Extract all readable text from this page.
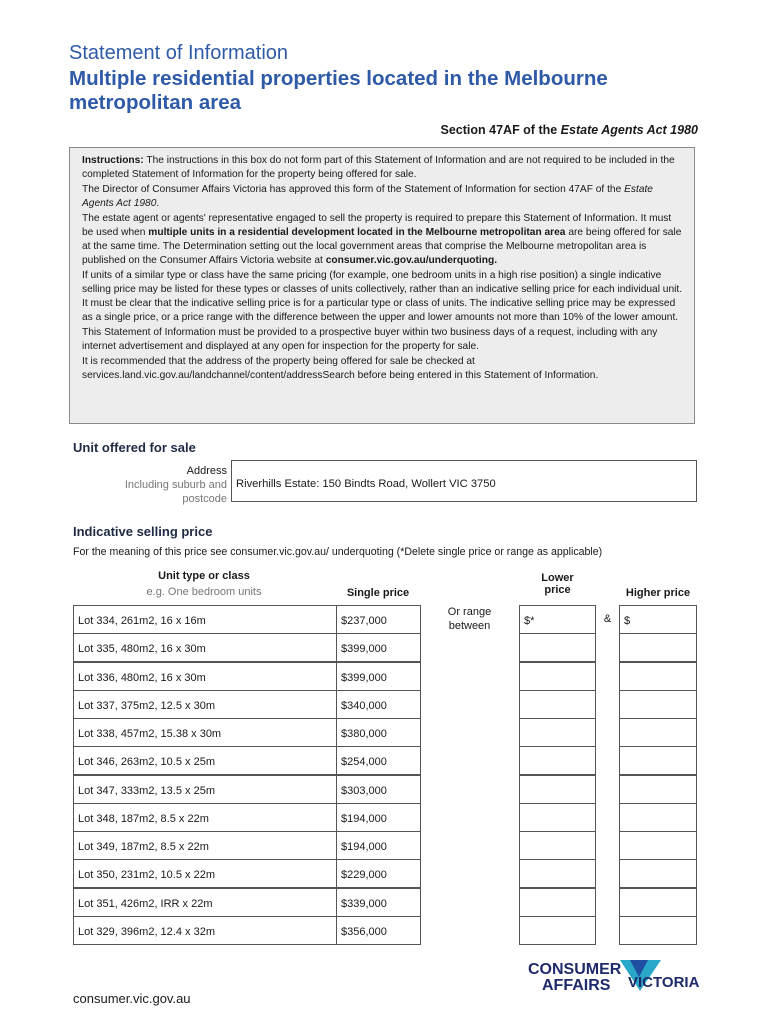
Statement of Information
Multiple residential properties located in the Melbourne metropolitan area
Section 47AF of the Estate Agents Act 1980

Instructions: The instructions in this box do not form part of this Statement of Information and are not required to be included in the completed Statement of Information for the property being offered for sale.

The Director of Consumer Affairs Victoria has approved this form of the Statement of Information for section 47AF of the Estate Agents Act 1980.

The estate agent or agents' representative engaged to sell the property is required to prepare this Statement of Information. It must be used when multiple units in a residential development located in the Melbourne metropolitan area are being offered for sale at the same time. The Determination setting out the local government areas that comprise the Melbourne metropolitan area is published on the Consumer Affairs Victoria website at consumer.vic.gov.au/underquoting.

If units of a similar type or class have the same pricing (for example, one bedroom units in a high rise position) a single indicative selling price may be listed for these types or classes of units collectively, rather than an indicative selling price for each individual unit. It must be clear that the indicative selling price is for a particular type or class of units. The indicative selling price may be expressed as a single price, or a price range with the difference between the upper and lower amounts not more than 10% of the lower amount.

This Statement of Information must be provided to a prospective buyer within two business days of a request, including with any internet advertisement and displayed at any open for inspection for the property for sale.

It is recommended that the address of the property being offered for sale be checked at services.land.vic.gov.au/landchannel/content/addressSearch before being entered in this Statement of Information.

Unit offered for sale
Address
Including suburb and
postcode
Riverhills Estate: 150 Bindts Road, Wollert VIC 3750
Indicative selling price
For the meaning of this price see consumer.vic.gov.au/ underquoting (*Delete single price or range as applicable)
Unit type or class
e.g. One bedroom units	Single price
Lower
price	Higher price
Or range
between
&
Lot 334, 261m2, 16 x 16m	$237,000	$*	$
Lot 335, 480m2, 16 x 30m	$399,000
Lot 336, 480m2, 16 x 30m	$399,000
Lot 337, 375m2, 12.5 x 30m	$340,000
Lot 338, 457m2, 15.38 x 30m	$380,000
Lot 346, 263m2, 10.5 x 25m	$254,000
Lot 347, 333m2, 13.5 x 25m	$303,000
Lot 348, 187m2, 8.5 x 22m	$194,000
Lot 349, 187m2, 8.5 x 22m	$194,000
Lot 350, 231m2, 10.5 x 22m	$229,000
Lot 351, 426m2, IRR x 22m	$339,000
Lot 329, 396m2, 12.4 x 32m	$356,000
consumer.vic.gov.au
CONSUMER
AFFAIRS VICTORIA
